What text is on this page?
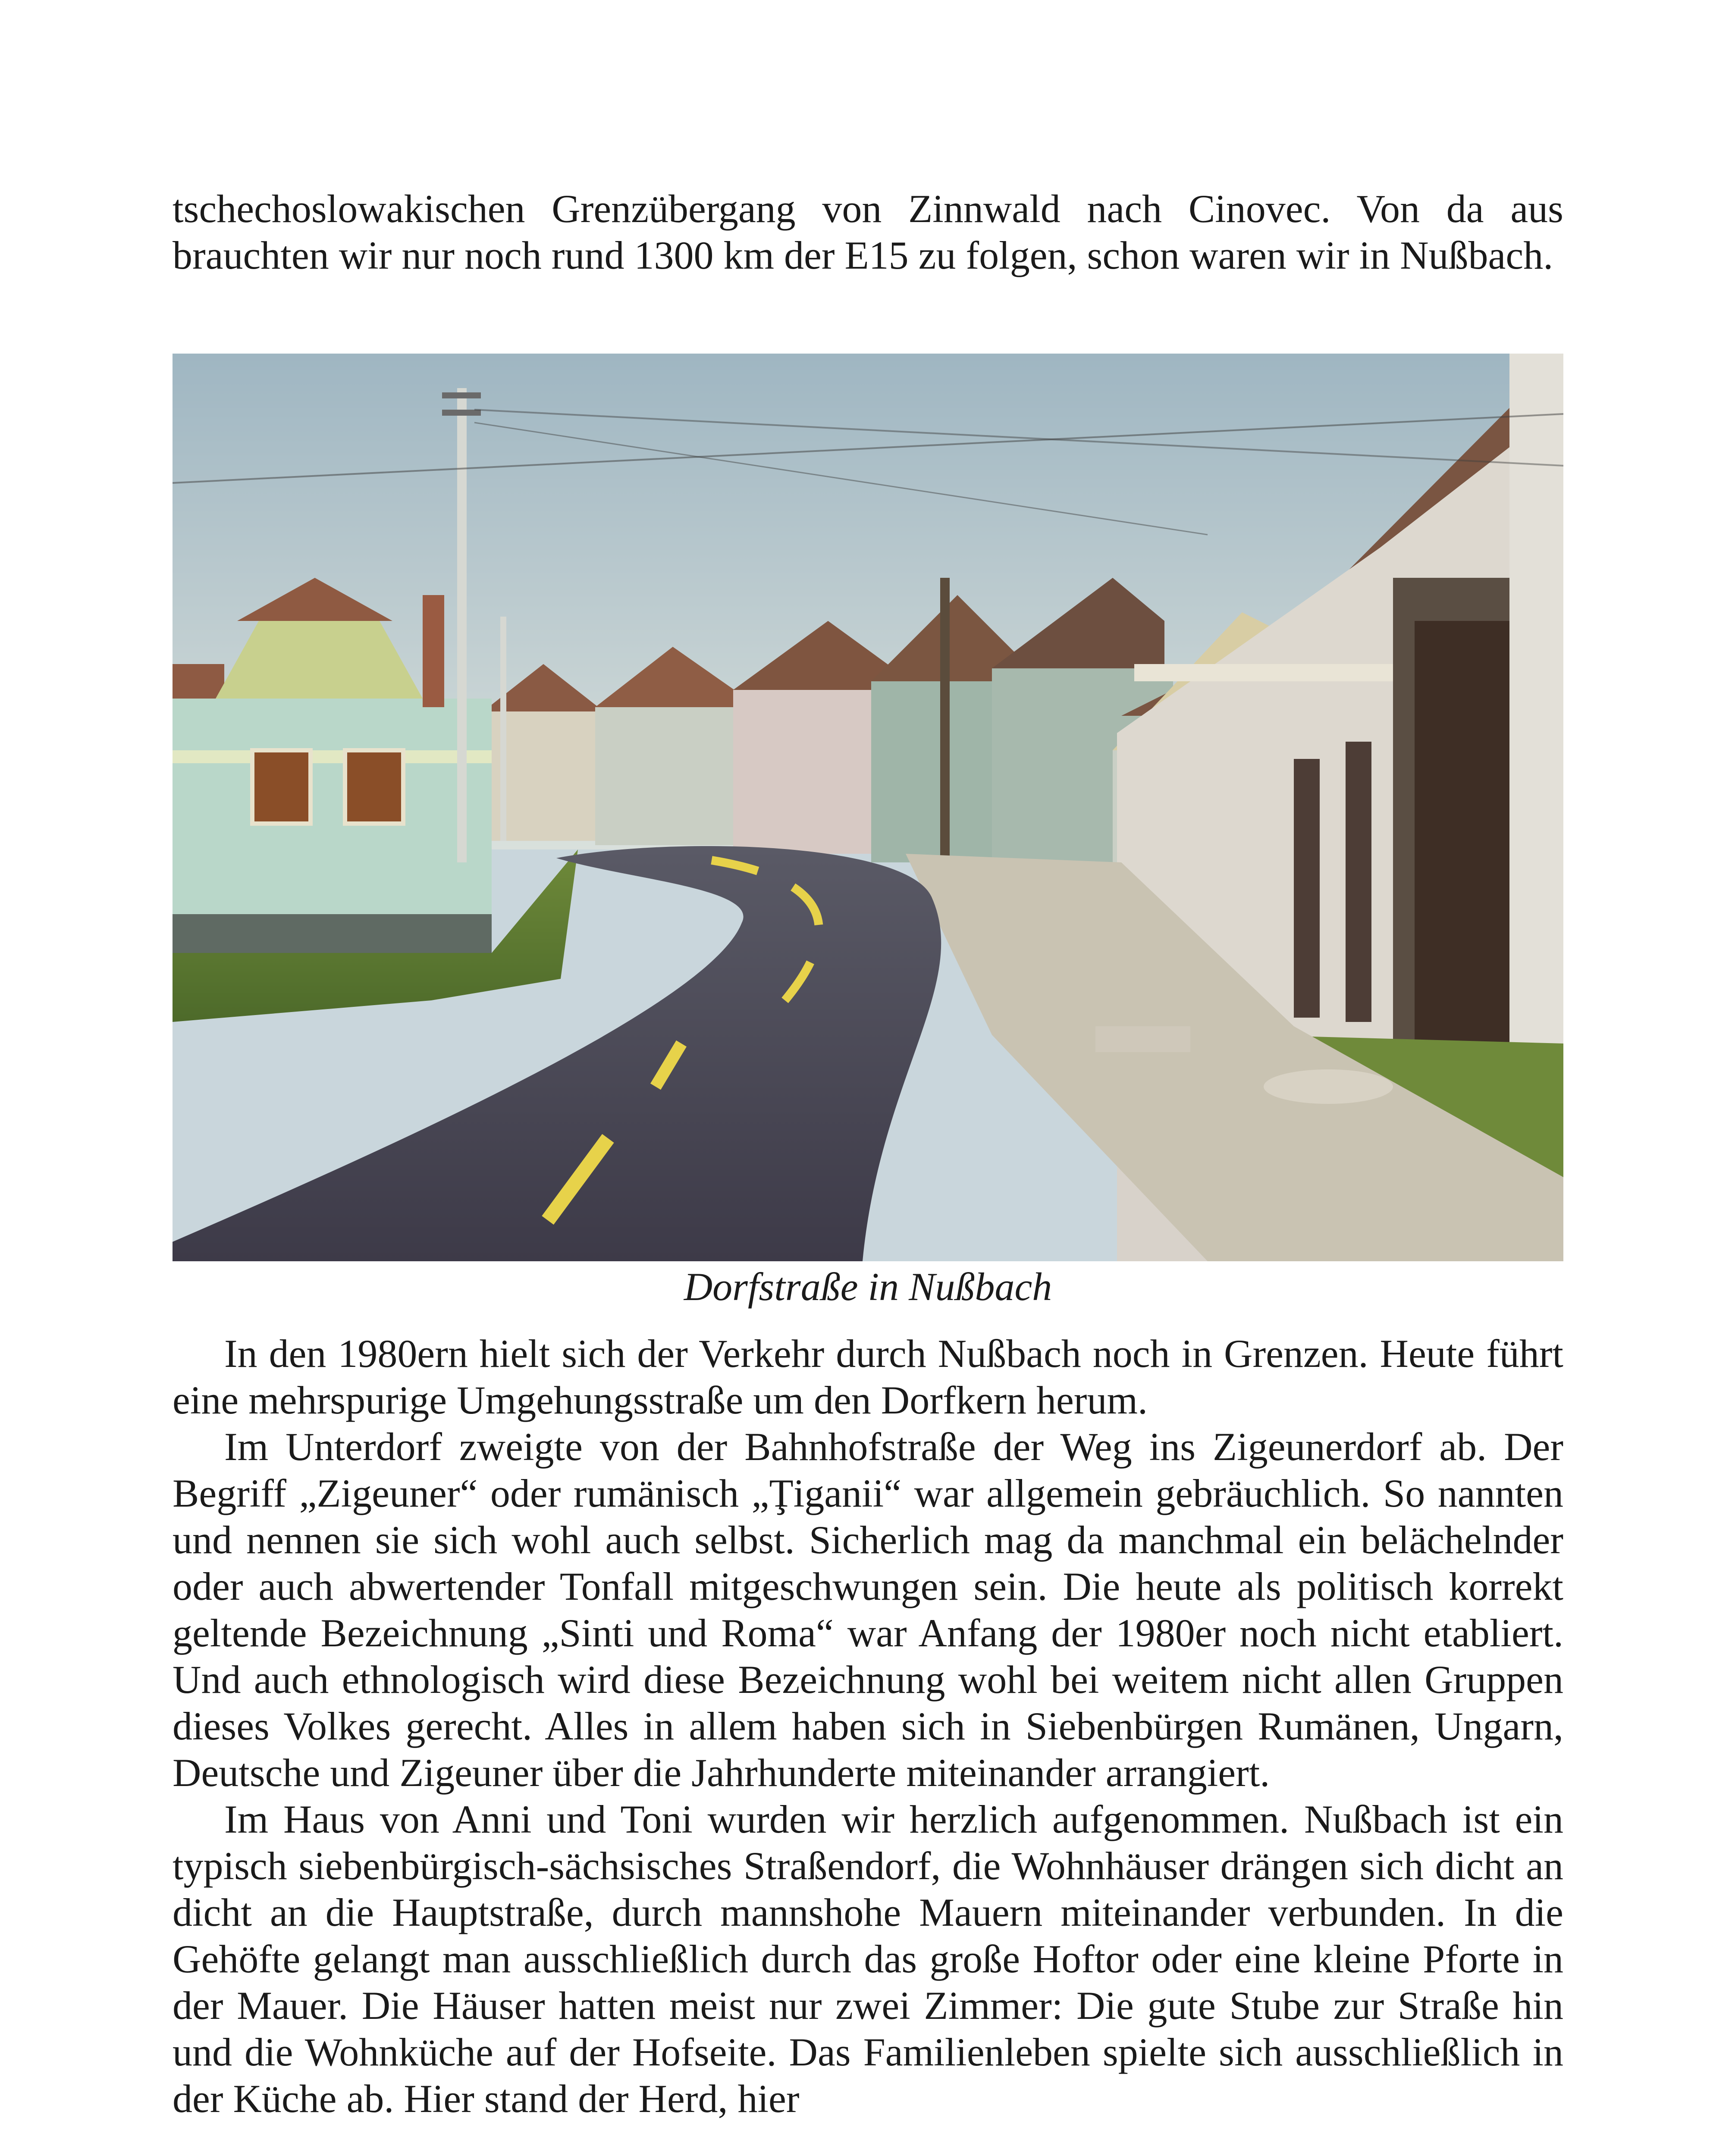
tschechoslowakischen Grenzübergang von Zinnwald nach Cinovec. Von da aus brauchten wir nur noch rund 1300 km der E15 zu folgen, schon waren wir in Nußbach.

Dorfstraße in Nußbach

In den 1980ern hielt sich der Verkehr durch Nußbach noch in Grenzen. Heute führt eine mehrspurige Umgehungsstraße um den Dorfkern herum.

Im Unterdorf zweigte von der Bahnhofstraße der Weg ins Zigeunerdorf ab. Der Begriff „Zigeuner“ oder rumänisch „Ţiganii“ war allgemein gebräuchlich. So nannten und nennen sie sich wohl auch selbst. Sicherlich mag da manchmal ein belächelnder oder auch abwertender Tonfall mitgeschwungen sein. Die heute als politisch korrekt geltende Bezeichnung „Sinti und Roma“ war Anfang der 1980er noch nicht etabliert. Und auch ethnologisch wird diese Bezeichnung wohl bei weitem nicht allen Gruppen dieses Volkes gerecht. Alles in allem haben sich in Siebenbürgen Rumänen, Ungarn, Deutsche und Zigeuner über die Jahrhunderte miteinander arrangiert.

Im Haus von Anni und Toni wurden wir herzlich aufgenommen. Nußbach ist ein typisch siebenbürgisch-sächsisches Straßendorf, die Wohnhäuser drängen sich dicht an dicht an die Hauptstraße, durch mannshohe Mauern miteinander verbunden. In die Gehöfte gelangt man ausschließlich durch das große Hoftor oder eine kleine Pforte in der Mauer. Die Häuser hatten meist nur zwei Zimmer: Die gute Stube zur Straße hin und die Wohnküche auf der Hofseite. Das Familienleben spielte sich ausschließlich in der Küche ab. Hier stand der Herd, hier
